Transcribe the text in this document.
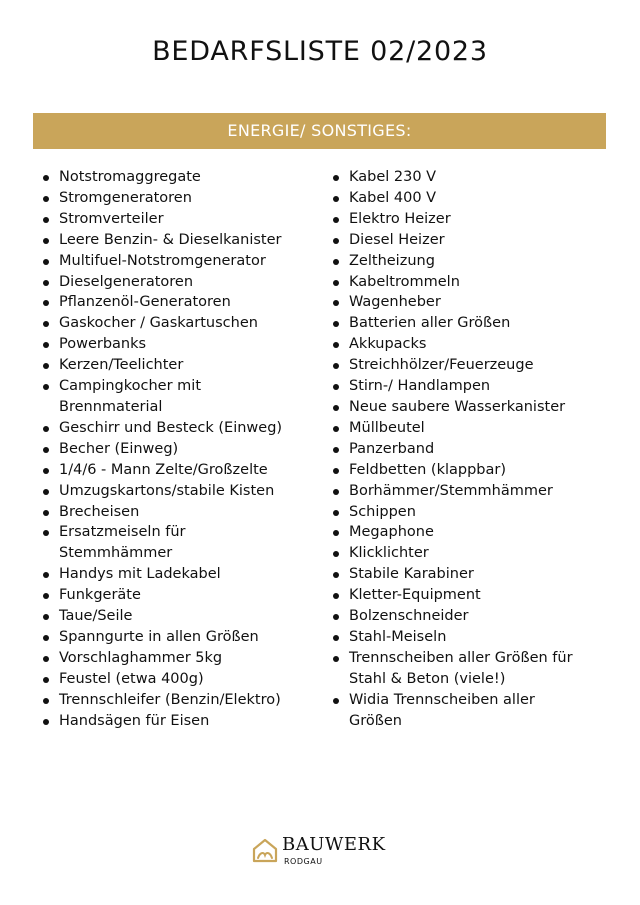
BEDARFSLISTE 02/2023
ENERGIE/ SONSTIGES:
Notstromaggregate
Stromgeneratoren
Stromverteiler
Leere Benzin- & Dieselkanister
Multifuel-Notstromgenerator
Dieselgeneratoren
Pflanzenöl-Generatoren
Gaskocher / Gaskartuschen
Powerbanks
Kerzen/Teelichter
Campingkocher mit
Brennmaterial
Geschirr und Besteck (Einweg)
Becher (Einweg)
1/4/6 - Mann Zelte/Großzelte
Umzugskartons/stabile Kisten
Brecheisen
Ersatzmeiseln für
Stemmhämmer
Handys mit Ladekabel
Funkgeräte
Taue/Seile
Spanngurte in allen Größen
Vorschlaghammer 5kg
Feustel (etwa 400g)
Trennschleifer (Benzin/Elektro)
Handsägen für Eisen
Kabel 230 V
Kabel 400 V
Elektro Heizer
Diesel Heizer
Zeltheizung
Kabeltrommeln
Wagenheber
Batterien aller Größen
Akkupacks
Streichhölzer/Feuerzeuge
Stirn-/ Handlampen
Neue saubere Wasserkanister
Müllbeutel
Panzerband
Feldbetten (klappbar)
Borhämmer/Stemmhämmer
Schippen
Megaphone
Klicklichter
Stabile Karabiner
Kletter-Equipment
Bolzenschneider
Stahl-Meiseln
Trennscheiben aller Größen für
Stahl & Beton (viele!)
Widia Trennscheiben aller
Größen
BAUWERK
RODGAU
